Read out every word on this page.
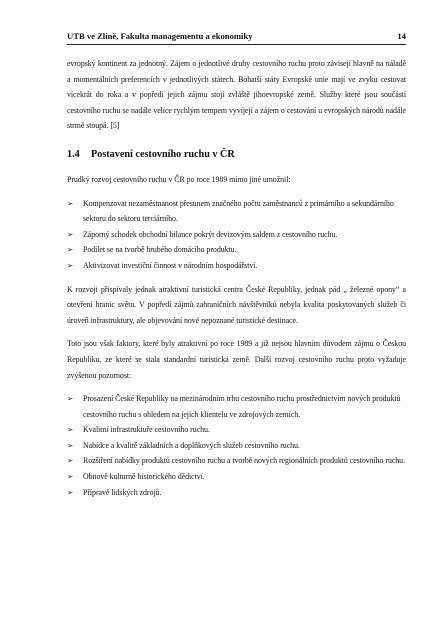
UTB ve Zlíně, Fakulta managementu a ekonomiky	14

evropský kontinent za jednotný. Zájem o jednotlivé druhy cestovního ruchu proto závisejí hlavně na náladě a momentálních preferencích v jednotlivých státech. Bohatší státy Evropské unie mají ve zvyku cestovat vícekrát do roka a v popředí jejich zájmu stojí zvláště jihoevropské země. Služby které jsou součástí cestovního ruchu se nadále velice rychlým tempem vyvíjejí a zájem o cestování u evropských národů nadále strmě stoupá. [5]

1.4 Postavení cestovního ruchu v ČR

Prudký rozvoj cestovního ruchu v ČR po roce 1989 mimo jiné umožnil:

➢ Kompenzovat nezaměstnanost přesunem značného počtu zaměstnanců z primárního a sekundárního sektoru do sektoru terciárního.
➢ Záporný schodek obchodní bilance pokrýt devizovým saldem z cestovního ruchu.
➢ Podílet se na tvorbě hrubého domácího produktu.
➢ Aktivizovat investiční činnost v národním hospodářství.

K rozvoji přispívaly jednak atraktivní turistická centra České Republiky, jednak pád „ železné opony“ a otevření hranic světu. V popředí zájmů zahraničních návštěvníků nebyla kvalita poskytovaných služeb či úroveň infrastruktury, ale objevování nové nepoznané turistické destinace.

Toto jsou však faktory, které byly atraktivní po roce 1989 a již nejsou hlavním důvodem zájmu o Českou Republiku, ze které se stala standardní turistická země. Další rozvoj cestovního ruchu proto vyžaduje zvýšenou pozornost:

➢ Prosazení České Republiky na mezinárodním trhu cestovního ruchu prostřednictvím nových produktů cestovního ruchu s ohledem na jejich klientelu ve zdrojových zemích.
➢ Kvalitní infrastruktuře cestovního ruchu.
➢ Nabídce a kvalitě základních a doplňkových služeb cestovního ruchu.
➢ Rozšíření nabídky produktů cestovního ruchu a tvorbě nových regionálních produktů cestovního ruchu.
➢ Obnově kulturně historického dědictví.
➢ Přípravě lidských zdrojů.
